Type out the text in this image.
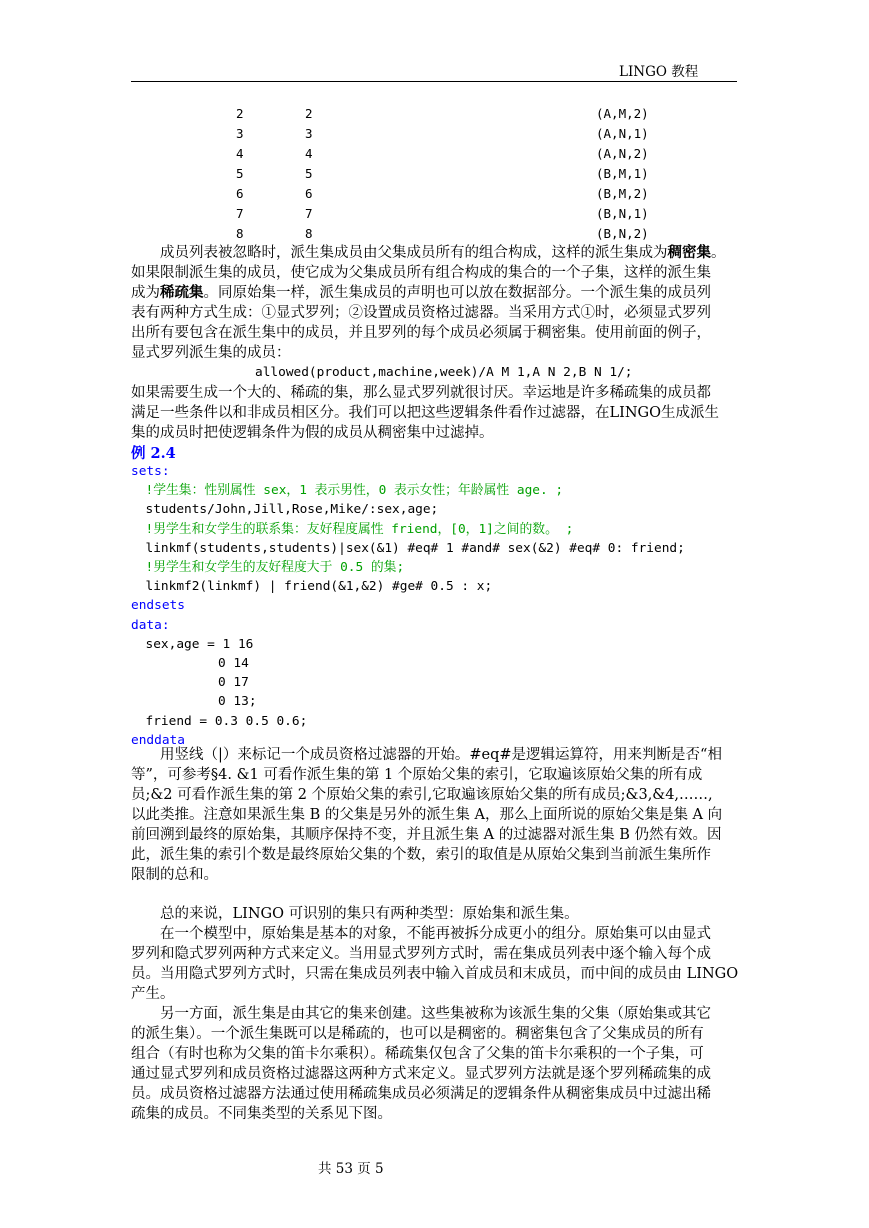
LINGO 教程
2	2	(A,M,2)
3	3	(A,N,1)
4	4	(A,N,2)
5	5	(B,M,1)
6	6	(B,M,2)
7	7	(B,N,1)
8	8	(B,N,2)
成员列表被忽略时，派生集成员由父集成员所有的组合构成，这样的派生集成为稠密集。
如果限制派生集的成员，使它成为父集成员所有组合构成的集合的一个子集，这样的派生集
成为稀疏集。同原始集一样，派生集成员的声明也可以放在数据部分。一个派生集的成员列
表有两种方式生成：①显式罗列；②设置成员资格过滤器。当采用方式①时，必须显式罗列
出所有要包含在派生集中的成员，并且罗列的每个成员必须属于稠密集。使用前面的例子，
显式罗列派生集的成员：
allowed(product,machine,week)/A M 1,A N 2,B N 1/;
如果需要生成一个大的、稀疏的集，那么显式罗列就很讨厌。幸运地是许多稀疏集的成员都
满足一些条件以和非成员相区分。我们可以把这些逻辑条件看作过滤器，在LINGO生成派生
集的成员时把使逻辑条件为假的成员从稠密集中过滤掉。
例 2.4
sets:
!学生集：性别属性 sex，1 表示男性，0 表示女性；年龄属性 age. ;
students/John,Jill,Rose,Mike/:sex,age;
!男学生和女学生的联系集：友好程度属性 friend，[0，1]之间的数。 ;
linkmf(students,students)|sex(&1) #eq# 1 #and# sex(&2) #eq# 0: friend;
!男学生和女学生的友好程度大于 0.5 的集;
linkmf2(linkmf) | friend(&1,&2) #ge# 0.5 : x;
endsets
data:
sex,age = 1 16
0 14
0 17
0 13;
friend = 0.3 0.5 0.6;
enddata
用竖线（|）来标记一个成员资格过滤器的开始。#eq#是逻辑运算符，用来判断是否“相
等”，可参考§4. &1 可看作派生集的第 1 个原始父集的索引，它取遍该原始父集的所有成
员;&2 可看作派生集的第 2 个原始父集的索引,它取遍该原始父集的所有成员;&3,&4,……,
以此类推。注意如果派生集 B 的父集是另外的派生集 A，那么上面所说的原始父集是集 A 向
前回溯到最终的原始集，其顺序保持不变，并且派生集 A 的过滤器对派生集 B 仍然有效。因
此，派生集的索引个数是最终原始父集的个数，索引的取值是从原始父集到当前派生集所作
限制的总和。
总的来说，LINGO 可识别的集只有两种类型：原始集和派生集。
在一个模型中，原始集是基本的对象，不能再被拆分成更小的组分。原始集可以由显式
罗列和隐式罗列两种方式来定义。当用显式罗列方式时，需在集成员列表中逐个输入每个成
员。当用隐式罗列方式时，只需在集成员列表中输入首成员和末成员，而中间的成员由 LINGO
产生。
另一方面，派生集是由其它的集来创建。这些集被称为该派生集的父集（原始集或其它
的派生集）。一个派生集既可以是稀疏的，也可以是稠密的。稠密集包含了父集成员的所有
组合（有时也称为父集的笛卡尔乘积）。稀疏集仅包含了父集的笛卡尔乘积的一个子集，可
通过显式罗列和成员资格过滤器这两种方式来定义。显式罗列方法就是逐个罗列稀疏集的成
员。成员资格过滤器方法通过使用稀疏集成员必须满足的逻辑条件从稠密集成员中过滤出稀
疏集的成员。不同集类型的关系见下图。
共 53 页 5
